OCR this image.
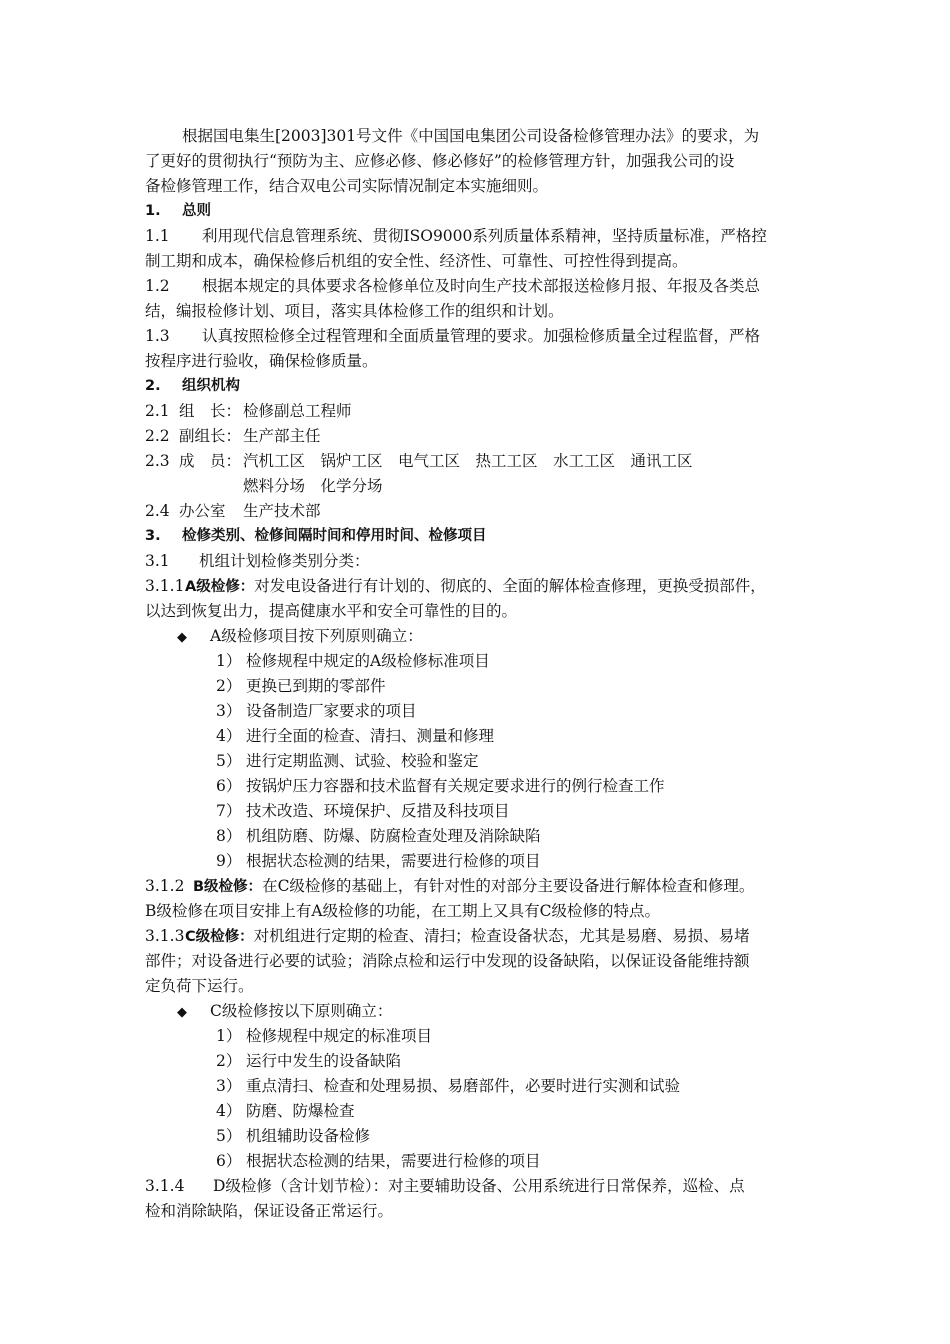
根据国电集生[2003]301号文件《中国国电集团公司设备检修管理办法》的要求，为
了更好的贯彻执行“预防为主、应修必修、修必修好”的检修管理方针，加强我公司的设
备检修管理工作，结合双电公司实际情况制定本实施细则。
1. 总则
1.1 利用现代信息管理系统、贯彻ISO9000系列质量体系精神，坚持质量标准，严格控
制工期和成本，确保检修后机组的安全性、经济性、可靠性、可控性得到提高。
1.2 根据本规定的具体要求各检修单位及时向生产技术部报送检修月报、年报及各类总
结，编报检修计划、项目，落实具体检修工作的组织和计划。
1.3 认真按照检修全过程管理和全面质量管理的要求。加强检修质量全过程监督，严格
按程序进行验收，确保检修质量。
2. 组织机构
2.1 组　长： 检修副总工程师
2.2 副组长： 生产部主任
2.3 成　员： 汽机工区　锅炉工区　电气工区　热工工区　水工工区　通讯工区
燃料分场　化学分场
2.4 办公室 生产技术部
3. 检修类别、检修间隔时间和停用时间、检修项目
3.1 机组计划检修类别分类：
3.1.1A级检修：对发电设备进行有计划的、彻底的、全面的解体检查修理，更换受损部件，
以达到恢复出力，提高健康水平和安全可靠性的目的。
◆ A级检修项目按下列原则确立：
1） 检修规程中规定的A级检修标准项目
2） 更换已到期的零部件
3） 设备制造厂家要求的项目
4） 进行全面的检查、清扫、测量和修理
5） 进行定期监测、试验、校验和鉴定
6） 按锅炉压力容器和技术监督有关规定要求进行的例行检查工作
7） 技术改造、环境保护、反措及科技项目
8） 机组防磨、防爆、防腐检查处理及消除缺陷
9） 根据状态检测的结果，需要进行检修的项目
3.1.2 B级检修：在C级检修的基础上，有针对性的对部分主要设备进行解体检查和修理。
B级检修在项目安排上有A级检修的功能，在工期上又具有C级检修的特点。
3.1.3C级检修：对机组进行定期的检查、清扫；检查设备状态，尤其是易磨、易损、易堵
部件；对设备进行必要的试验；消除点检和运行中发现的设备缺陷，以保证设备能维持额
定负荷下运行。
◆ C级检修按以下原则确立：
1） 检修规程中规定的标准项目
2） 运行中发生的设备缺陷
3） 重点清扫、检查和处理易损、易磨部件，必要时进行实测和试验
4） 防磨、防爆检查
5） 机组辅助设备检修
6） 根据状态检测的结果，需要进行检修的项目
3.1.4 D级检修（含计划节检）：对主要辅助设备、公用系统进行日常保养，巡检、点
检和消除缺陷，保证设备正常运行。
